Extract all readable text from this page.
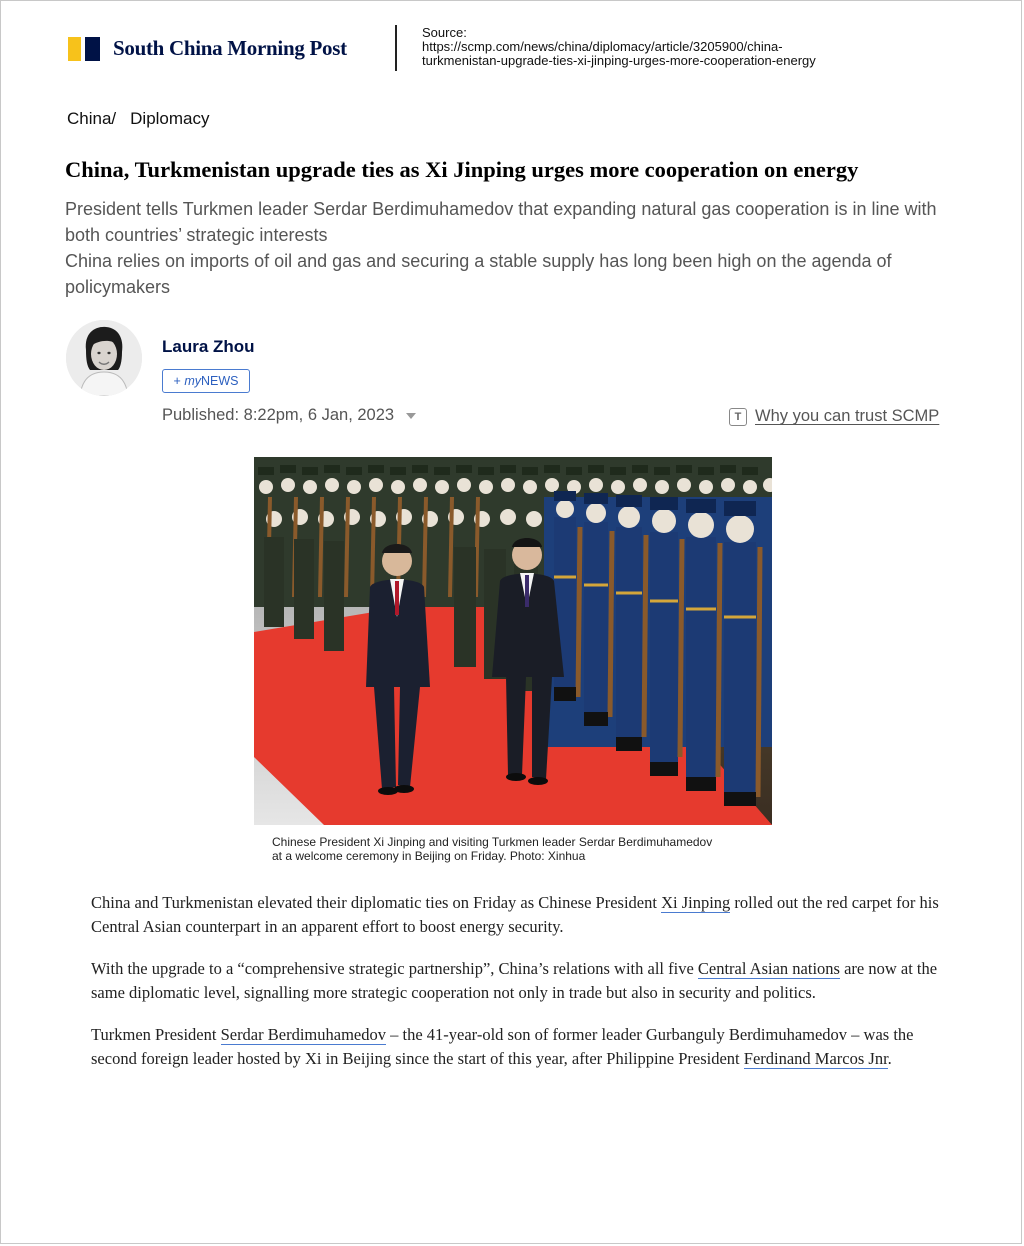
South China Morning Post
Source:
https://scmp.com/news/china/diplomacy/article/3205900/china-
turkmenistan-upgrade-ties-xi-jinping-urges-more-cooperation-energy
China/ Diplomacy
China, Turkmenistan upgrade ties as Xi Jinping urges more cooperation on energy

President tells Turkmen leader Serdar Berdimuhamedov that expanding natural gas cooperation is in line with both countries’ strategic interests

China relies on imports of oil and gas and securing a stable supply has long been high on the agenda of policymakers

Laura Zhou
+
my NEWS
Published: 8:22pm, 6 Jan, 2023	T Why you can trust SCMP
Chinese President Xi Jinping and visiting Turkmen leader Serdar Berdimuhamedov
at a welcome ceremony in Beijing on Friday. Photo: Xinhua

China and Turkmenistan elevated their diplomatic ties on Friday as Chinese President Xi Jinping rolled out the red carpet for his Central Asian counterpart in an apparent effort to boost energy security.

With the upgrade to a “comprehensive strategic partnership”, China’s relations with all five Central Asian nations are now at the same diplomatic level, signalling more strategic cooperation not only in trade but also in security and politics.

Turkmen President Serdar Berdimuhamedov – the 41-year-old son of former leader Gurbanguly Berdimuhamedov – was the second foreign leader hosted by Xi in Beijing since the start of this year, after Philippine President Ferdinand Marcos Jnr.
